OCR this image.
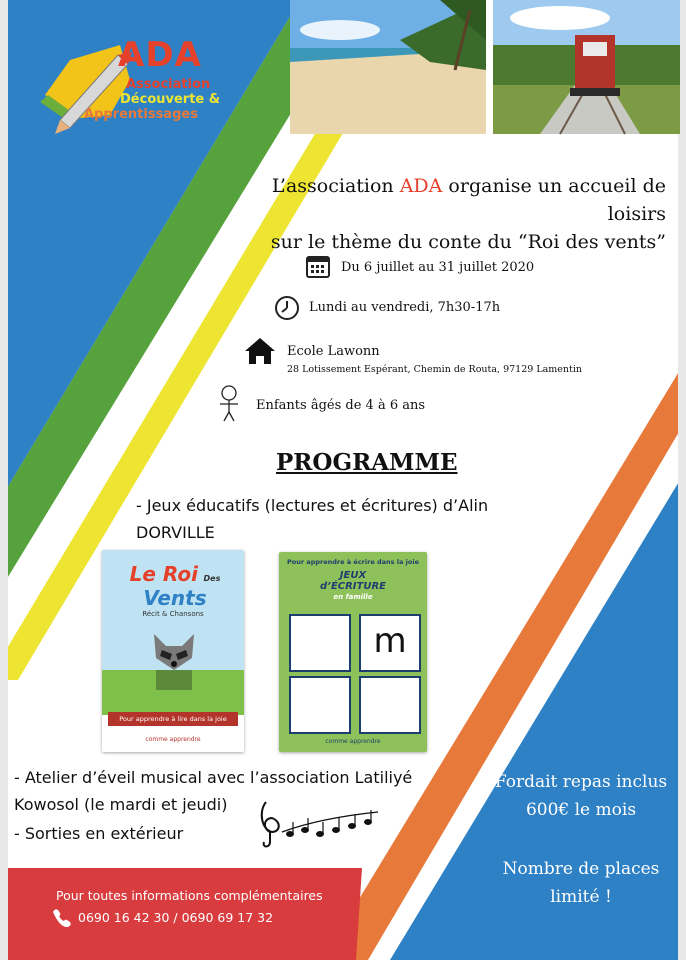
ADA
Association
Découverte &
Apprentissages
L’association ADA organise un accueil de loisirs
sur le thème du conte du “Roi des vents”
Du 6 juillet au 31 juillet 2020
Lundi au vendredi, 7h30-17h
Ecole Lawonn
28 Lotissement Espérant, Chemin de Routa, 97129 Lamentin
Enfants âgés de 4 à 6 ans
PROGRAMME
- Jeux éducatifs (lectures et écritures) d’Alin
DORVILLE
Le Roi Des
Vents
Récit & Chansons
Pour apprendre à lire dans la joie
comme apprendre
Pour apprendre à écrire dans la joie
JEUX
d’ÉCRITURE
en famille
m
comme apprendre
- Atelier d’éveil musical avec l’association Latiliyé
Kowosol (le mardi et jeudi)
- Sorties en extérieur
Fordait repas inclus
600€ le mois
Nombre de places
limité !
Pour toutes informations complémentaires
0690 16 42 30 / 0690 69 17 32
